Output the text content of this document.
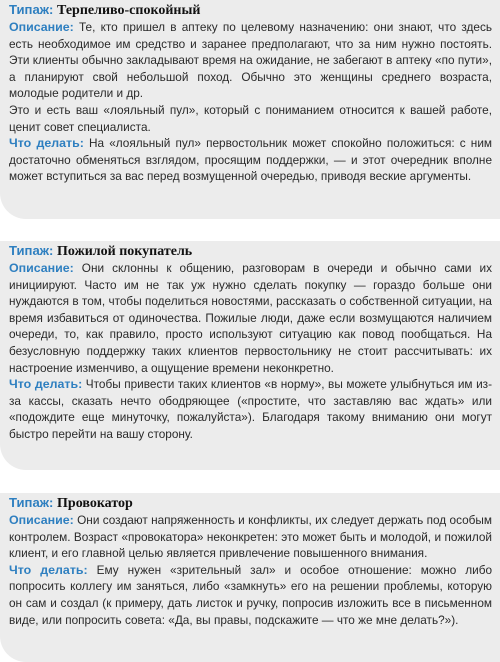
Типаж: Терпеливо-спокойный

Описание: Те, кто пришел в аптеку по целевому назначению: они знают, что здесь есть необходимое им средство и заранее предполагают, что за ним нужно постоять. Эти клиенты обычно закладывают время на ожидание, не забегают в аптеку «по пути», а планируют свой небольшой поход. Обычно это женщины среднего возраста, молодые родители и др.

Это и есть ваш «лояльный пул», который с пониманием относится к вашей работе, ценит совет специалиста.

Что делать: На «лояльный пул» первостольник может спокойно положиться: с ним достаточно обменяться взглядом, просящим поддержки, — и этот очередник вполне может вступиться за вас перед возмущенной очередью, приводя веские аргументы.

Типаж: Пожилой покупатель

Описание: Они склонны к общению, разговорам в очереди и обычно сами их инициируют. Часто им не так уж нужно сделать покупку — гораздо больше они нуждаются в том, чтобы поделиться новостями, рассказать о собственной ситуации, на время избавиться от одиночества. Пожилые люди, даже если возмущаются наличием очереди, то, как правило, просто используют ситуацию как повод пообщаться. На безусловную поддержку таких клиентов первостольнику не стоит рассчитывать: их настроение изменчиво, а ощущение времени неконкретно.

Что делать: Чтобы привести таких клиентов «в норму», вы можете улыбнуться им из-за кассы, сказать нечто ободряющее («простите, что заставляю вас ждать» или «подождите еще минуточку, пожалуйста»). Благодаря такому вниманию они могут быстро перейти на вашу сторону.

Типаж: Провокатор

Описание: Они создают напряженность и конфликты, их следует держать под особым контролем. Возраст «провокатора» неконкретен: это может быть и молодой, и пожилой клиент, и его главной целью является привлечение повышенного внимания.

Что делать: Ему нужен «зрительный зал» и особое отношение: можно либо попросить коллегу им заняться, либо «замкнуть» его на решении проблемы, которую он сам и создал (к примеру, дать листок и ручку, попросив изложить все в письменном виде, или попросить совета: «Да, вы правы, подскажите — что же мне делать?»).
